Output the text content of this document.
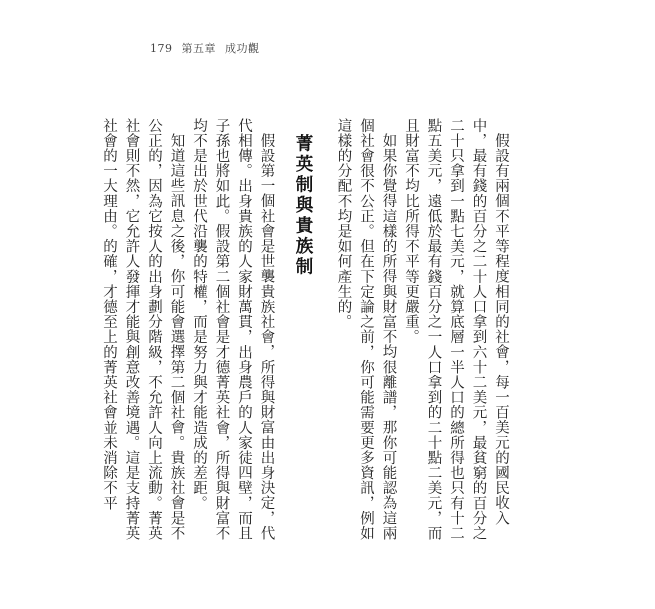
179 第五章 成功觀

假設有兩個不平等程度相同的社會，每一百美元的國民收入中，最有錢的百分之二十人口拿到六十二美元，最貧窮的百分之二十只拿到一點七美元，就算底層一半人口的總所得也只有十二點五美元，遠低於最有錢百分之一人口拿到的二十點二美元，而且財富不均比所得不平等更嚴重。

如果你覺得這樣的所得與財富不均很離譜，那你可能認為這兩個社會很不公正。但在下定論之前，你可能需要更多資訊，例如這樣的分配不均是如何產生的。

菁英制與貴族制

假設第一個社會是世襲貴族社會，所得與財富由出身決定，代代相傳。出身貴族的人家財萬貫，出身農戶的人家徒四壁，而且子孫也將如此。假設第二個社會是才德菁英社會，所得與財富不均不是出於世代沿襲的特權，而是努力與才能造成的差距。

知道這些訊息之後，你可能會選擇第二個社會。貴族社會是不公正的，因為它按人的出身劃分階級，不允許人向上流動。菁英社會則不然，它允許人發揮才能與創意改善境遇。這是支持菁英社會的一大理由。的確，才德至上的菁英社會並未消除不平
